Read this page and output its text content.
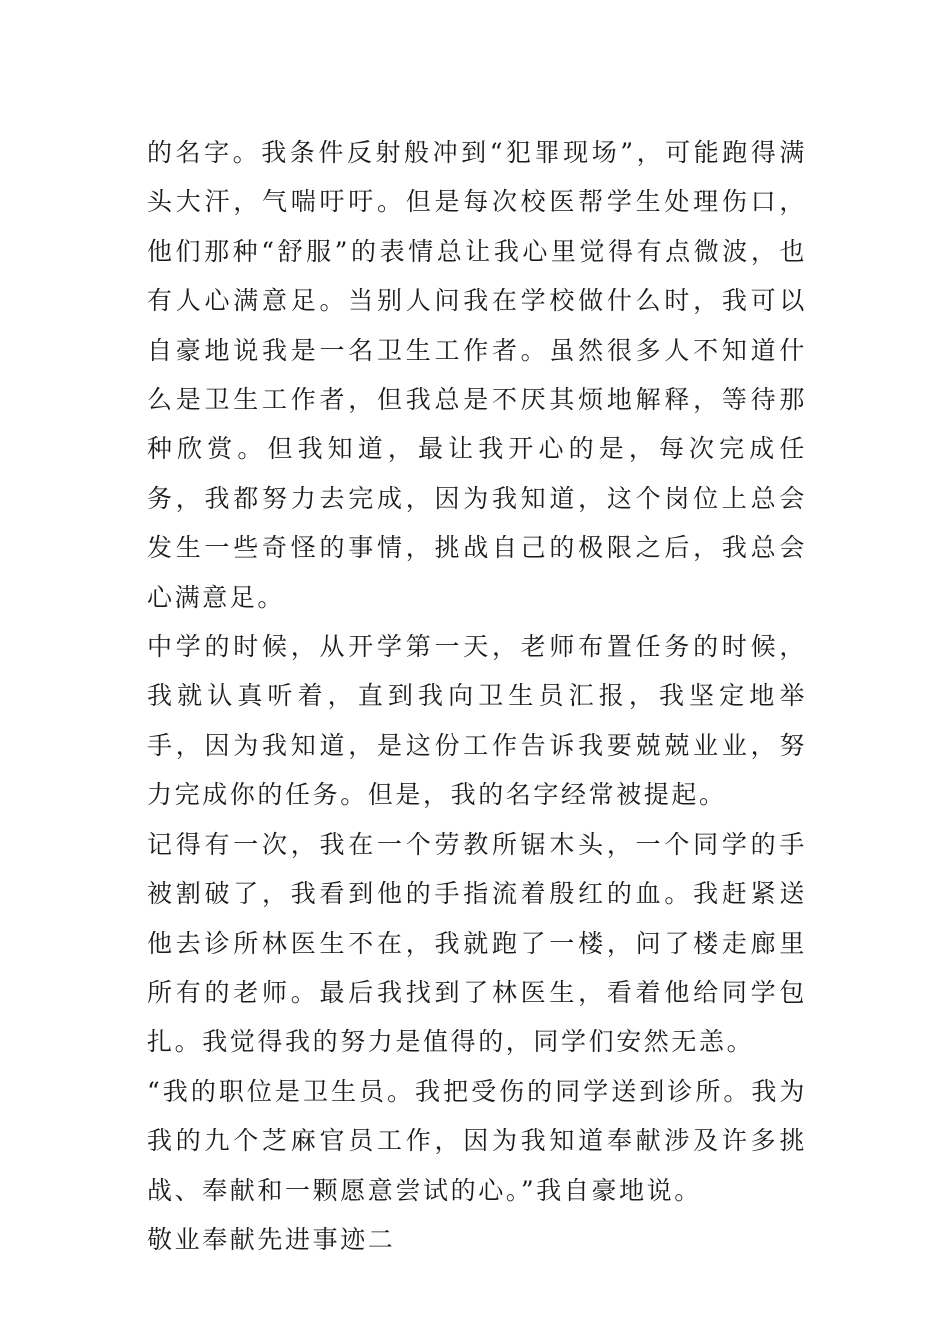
的名字。我条件反射般冲到“犯罪现场”，可能跑得满头大汗，气喘吁吁。但是每次校医帮学生处理伤口，他们那种“舒服”的表情总让我心里觉得有点微波，也有人心满意足。当别人问我在学校做什么时，我可以自豪地说我是一名卫生工作者。虽然很多人不知道什么是卫生工作者，但我总是不厌其烦地解释，等待那种欣赏。但我知道，最让我开心的是，每次完成任务，我都努力去完成，因为我知道，这个岗位上总会发生一些奇怪的事情，挑战自己的极限之后，我总会心满意足。

中学的时候，从开学第一天，老师布置任务的时候，我就认真听着，直到我向卫生员汇报，我坚定地举手，因为我知道，是这份工作告诉我要兢兢业业，努力完成你的任务。但是，我的名字经常被提起。

记得有一次，我在一个劳教所锯木头，一个同学的手被割破了，我看到他的手指流着殷红的血。我赶紧送他去诊所林医生不在，我就跑了一楼，问了楼走廊里所有的老师。最后我找到了林医生，看着他给同学包扎。我觉得我的努力是值得的，同学们安然无恙。

“我的职位是卫生员。我把受伤的同学送到诊所。我为我的九个芝麻官员工作，因为我知道奉献涉及许多挑战、奉献和一颗愿意尝试的心。”我自豪地说。

敬业奉献先进事迹二
